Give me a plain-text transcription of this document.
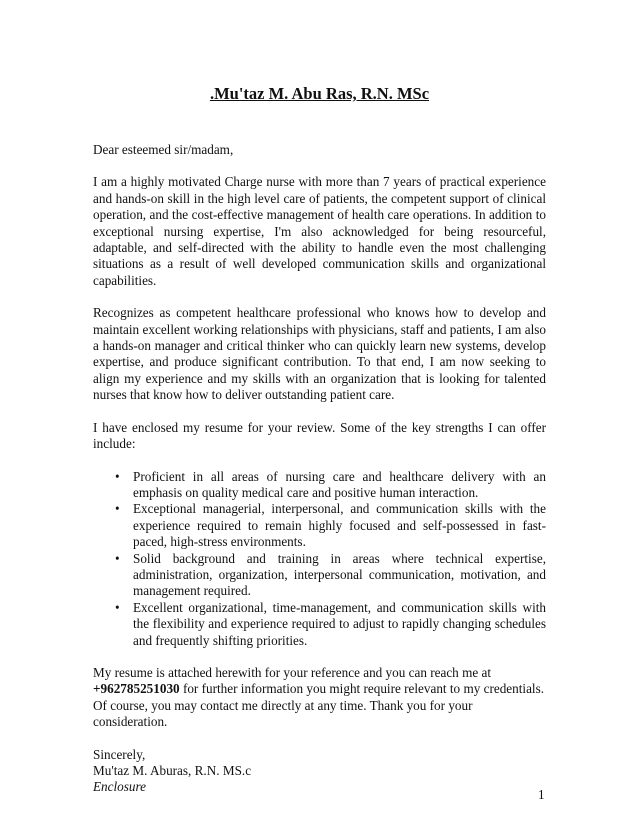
.Mu'taz M. Abu Ras, R.N. MSc
Dear esteemed sir/madam,

I am a highly motivated Charge nurse with more than 7 years of practical experience and hands-on skill in the high level care of patients, the competent support of clinical operation, and the cost-effective management of health care operations. In addition to exceptional nursing expertise, I'm also acknowledged for being resourceful, adaptable, and self-directed with the ability to handle even the most challenging situations as a result of well developed communication skills and organizational capabilities.

Recognizes as competent healthcare professional who knows how to develop and maintain excellent working relationships with physicians, staff and patients, I am also a hands-on manager and critical thinker who can quickly learn new systems, develop expertise, and produce significant contribution. To that end, I am now seeking to align my experience and my skills with an organization that is looking for talented nurses that know how to deliver outstanding patient care.

I have enclosed my resume for your review. Some of the key strengths I can offer include:

• Proficient in all areas of nursing care and healthcare delivery with an emphasis on quality medical care and positive human interaction.
• Exceptional managerial, interpersonal, and communication skills with the experience required to remain highly focused and self-possessed in fast-paced, high-stress environments.
• Solid background and training in areas where technical expertise, administration, organization, interpersonal communication, motivation, and management required.
• Excellent organizational, time-management, and communication skills with the flexibility and experience required to adjust to rapidly changing schedules and frequently shifting priorities.

My resume is attached herewith for your reference and you can reach me at

+962785251030 for further information you might require relevant to my credentials.
Of course, you may contact me directly at any time. Thank you for your consideration.
Sincerely,
Mu'taz M. Aburas, R.N. MS.c
Enclosure
1
